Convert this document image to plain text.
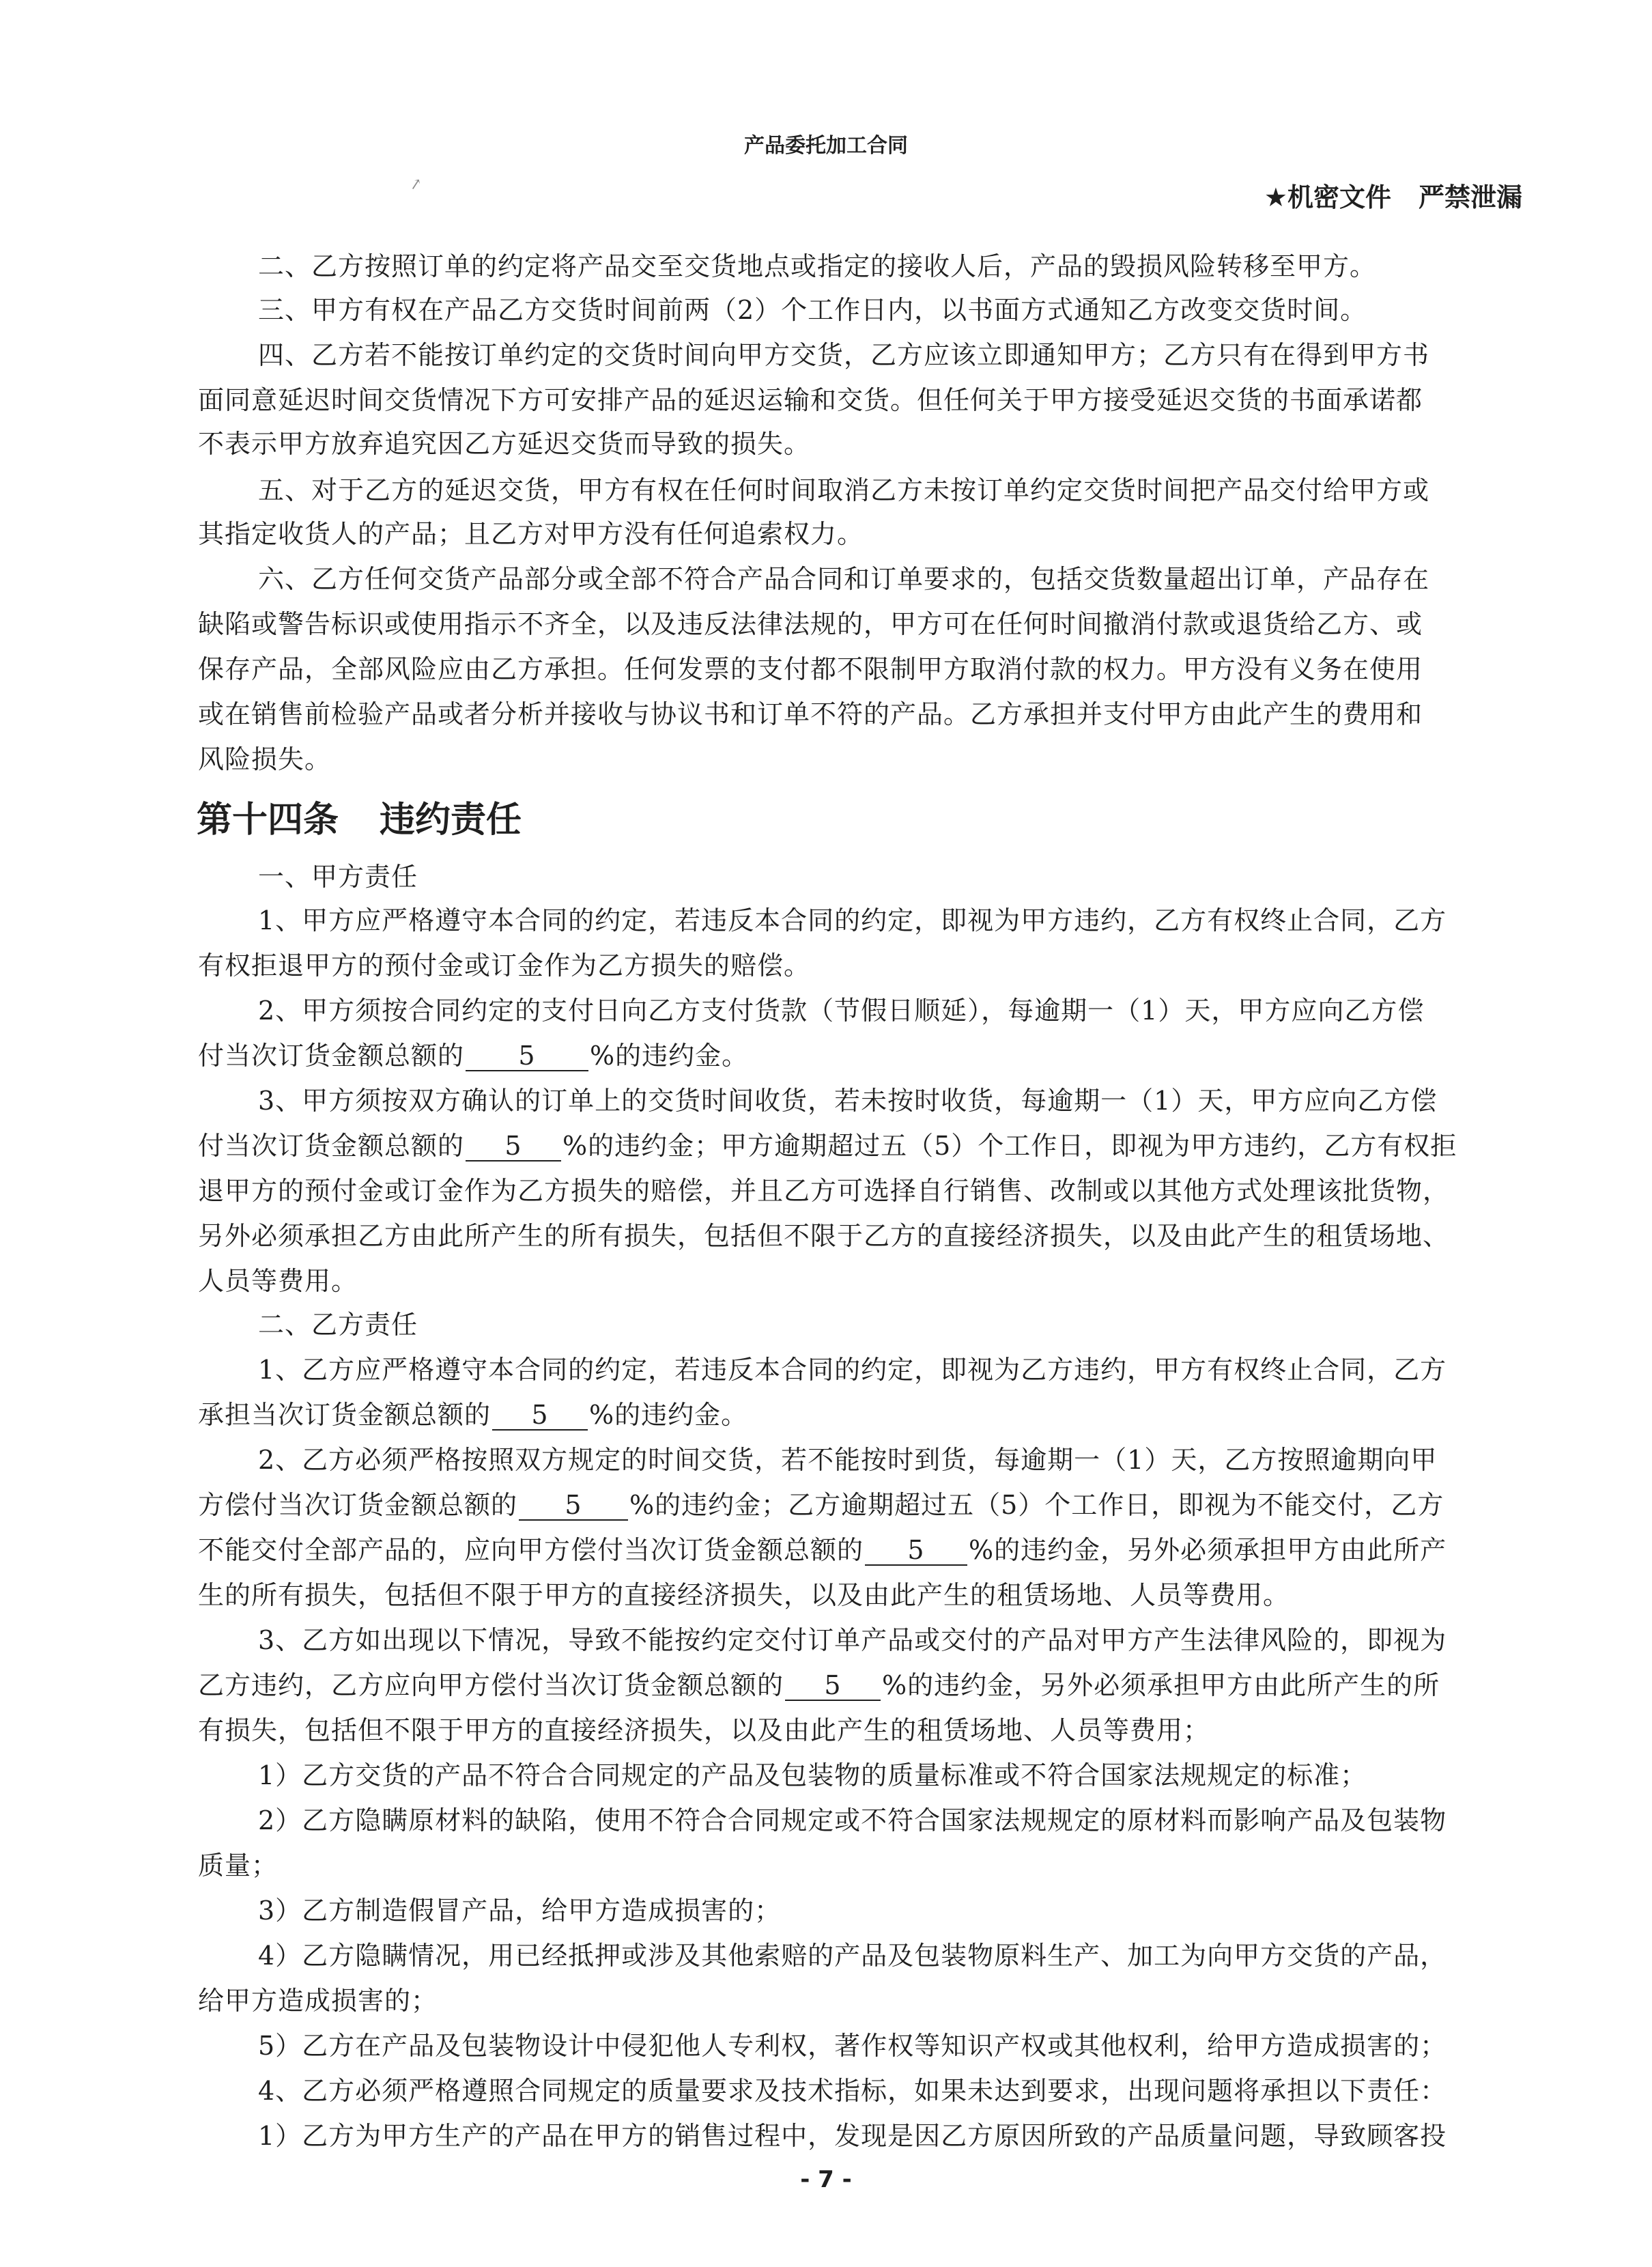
产品委托加工合同
↗	★机密文件 严禁泄漏
二、乙方按照订单的约定将产品交至交货地点或指定的接收人后，产品的毁损风险转移至甲方。
三、甲方有权在产品乙方交货时间前两（2）个工作日内，以书面方式通知乙方改变交货时间。
四、乙方若不能按订单约定的交货时间向甲方交货，乙方应该立即通知甲方；乙方只有在得到甲方书
面同意延迟时间交货情况下方可安排产品的延迟运输和交货。但任何关于甲方接受延迟交货的书面承诺都
不表示甲方放弃追究因乙方延迟交货而导致的损失。
五、对于乙方的延迟交货，甲方有权在任何时间取消乙方未按订单约定交货时间把产品交付给甲方或
其指定收货人的产品；且乙方对甲方没有任何追索权力。
六、乙方任何交货产品部分或全部不符合产品合同和订单要求的，包括交货数量超出订单，产品存在
缺陷或警告标识或使用指示不齐全，以及违反法律法规的，甲方可在任何时间撤消付款或退货给乙方、或
保存产品，全部风险应由乙方承担。任何发票的支付都不限制甲方取消付款的权力。甲方没有义务在使用
或在销售前检验产品或者分析并接收与协议书和订单不符的产品。乙方承担并支付甲方由此产生的费用和
风险损失。
第十四条 违约责任
一、甲方责任
1、甲方应严格遵守本合同的约定，若违反本合同的约定，即视为甲方违约，乙方有权终止合同，乙方
有权拒退甲方的预付金或订金作为乙方损失的赔偿。
2、甲方须按合同约定的支付日向乙方支付货款（节假日顺延），每逾期一（1）天，甲方应向乙方偿
付当次订货金额总额的 5 %的违约金。
3、甲方须按双方确认的订单上的交货时间收货，若未按时收货，每逾期一（1）天，甲方应向乙方偿
付当次订货金额总额的 5 %的违约金；甲方逾期超过五（5）个工作日，即视为甲方违约，乙方有权拒
退甲方的预付金或订金作为乙方损失的赔偿，并且乙方可选择自行销售、改制或以其他方式处理该批货物，
另外必须承担乙方由此所产生的所有损失，包括但不限于乙方的直接经济损失，以及由此产生的租赁场地、
人员等费用。
二、乙方责任
1、乙方应严格遵守本合同的约定，若违反本合同的约定，即视为乙方违约，甲方有权终止合同，乙方
承担当次订货金额总额的 5 %的违约金。
2、乙方必须严格按照双方规定的时间交货，若不能按时到货，每逾期一（1）天，乙方按照逾期向甲
方偿付当次订货金额总额的 5 %的违约金；乙方逾期超过五（5）个工作日，即视为不能交付，乙方
不能交付全部产品的，应向甲方偿付当次订货金额总额的 5 %的违约金，另外必须承担甲方由此所产
生的所有损失，包括但不限于甲方的直接经济损失，以及由此产生的租赁场地、人员等费用。
3、乙方如出现以下情况，导致不能按约定交付订单产品或交付的产品对甲方产生法律风险的，即视为
乙方违约，乙方应向甲方偿付当次订货金额总额的 5 %的违约金，另外必须承担甲方由此所产生的所
有损失，包括但不限于甲方的直接经济损失，以及由此产生的租赁场地、人员等费用；
1）乙方交货的产品不符合合同规定的产品及包装物的质量标准或不符合国家法规规定的标准；
2）乙方隐瞒原材料的缺陷，使用不符合合同规定或不符合国家法规规定的原材料而影响产品及包装物
质量；
3）乙方制造假冒产品，给甲方造成损害的；
4）乙方隐瞒情况，用已经抵押或涉及其他索赔的产品及包装物原料生产、加工为向甲方交货的产品，
给甲方造成损害的；
5）乙方在产品及包装物设计中侵犯他人专利权，著作权等知识产权或其他权利，给甲方造成损害的；
4、乙方必须严格遵照合同规定的质量要求及技术指标，如果未达到要求，出现问题将承担以下责任：
1）乙方为甲方生产的产品在甲方的销售过程中，发现是因乙方原因所致的产品质量问题，导致顾客投
- 7 -
